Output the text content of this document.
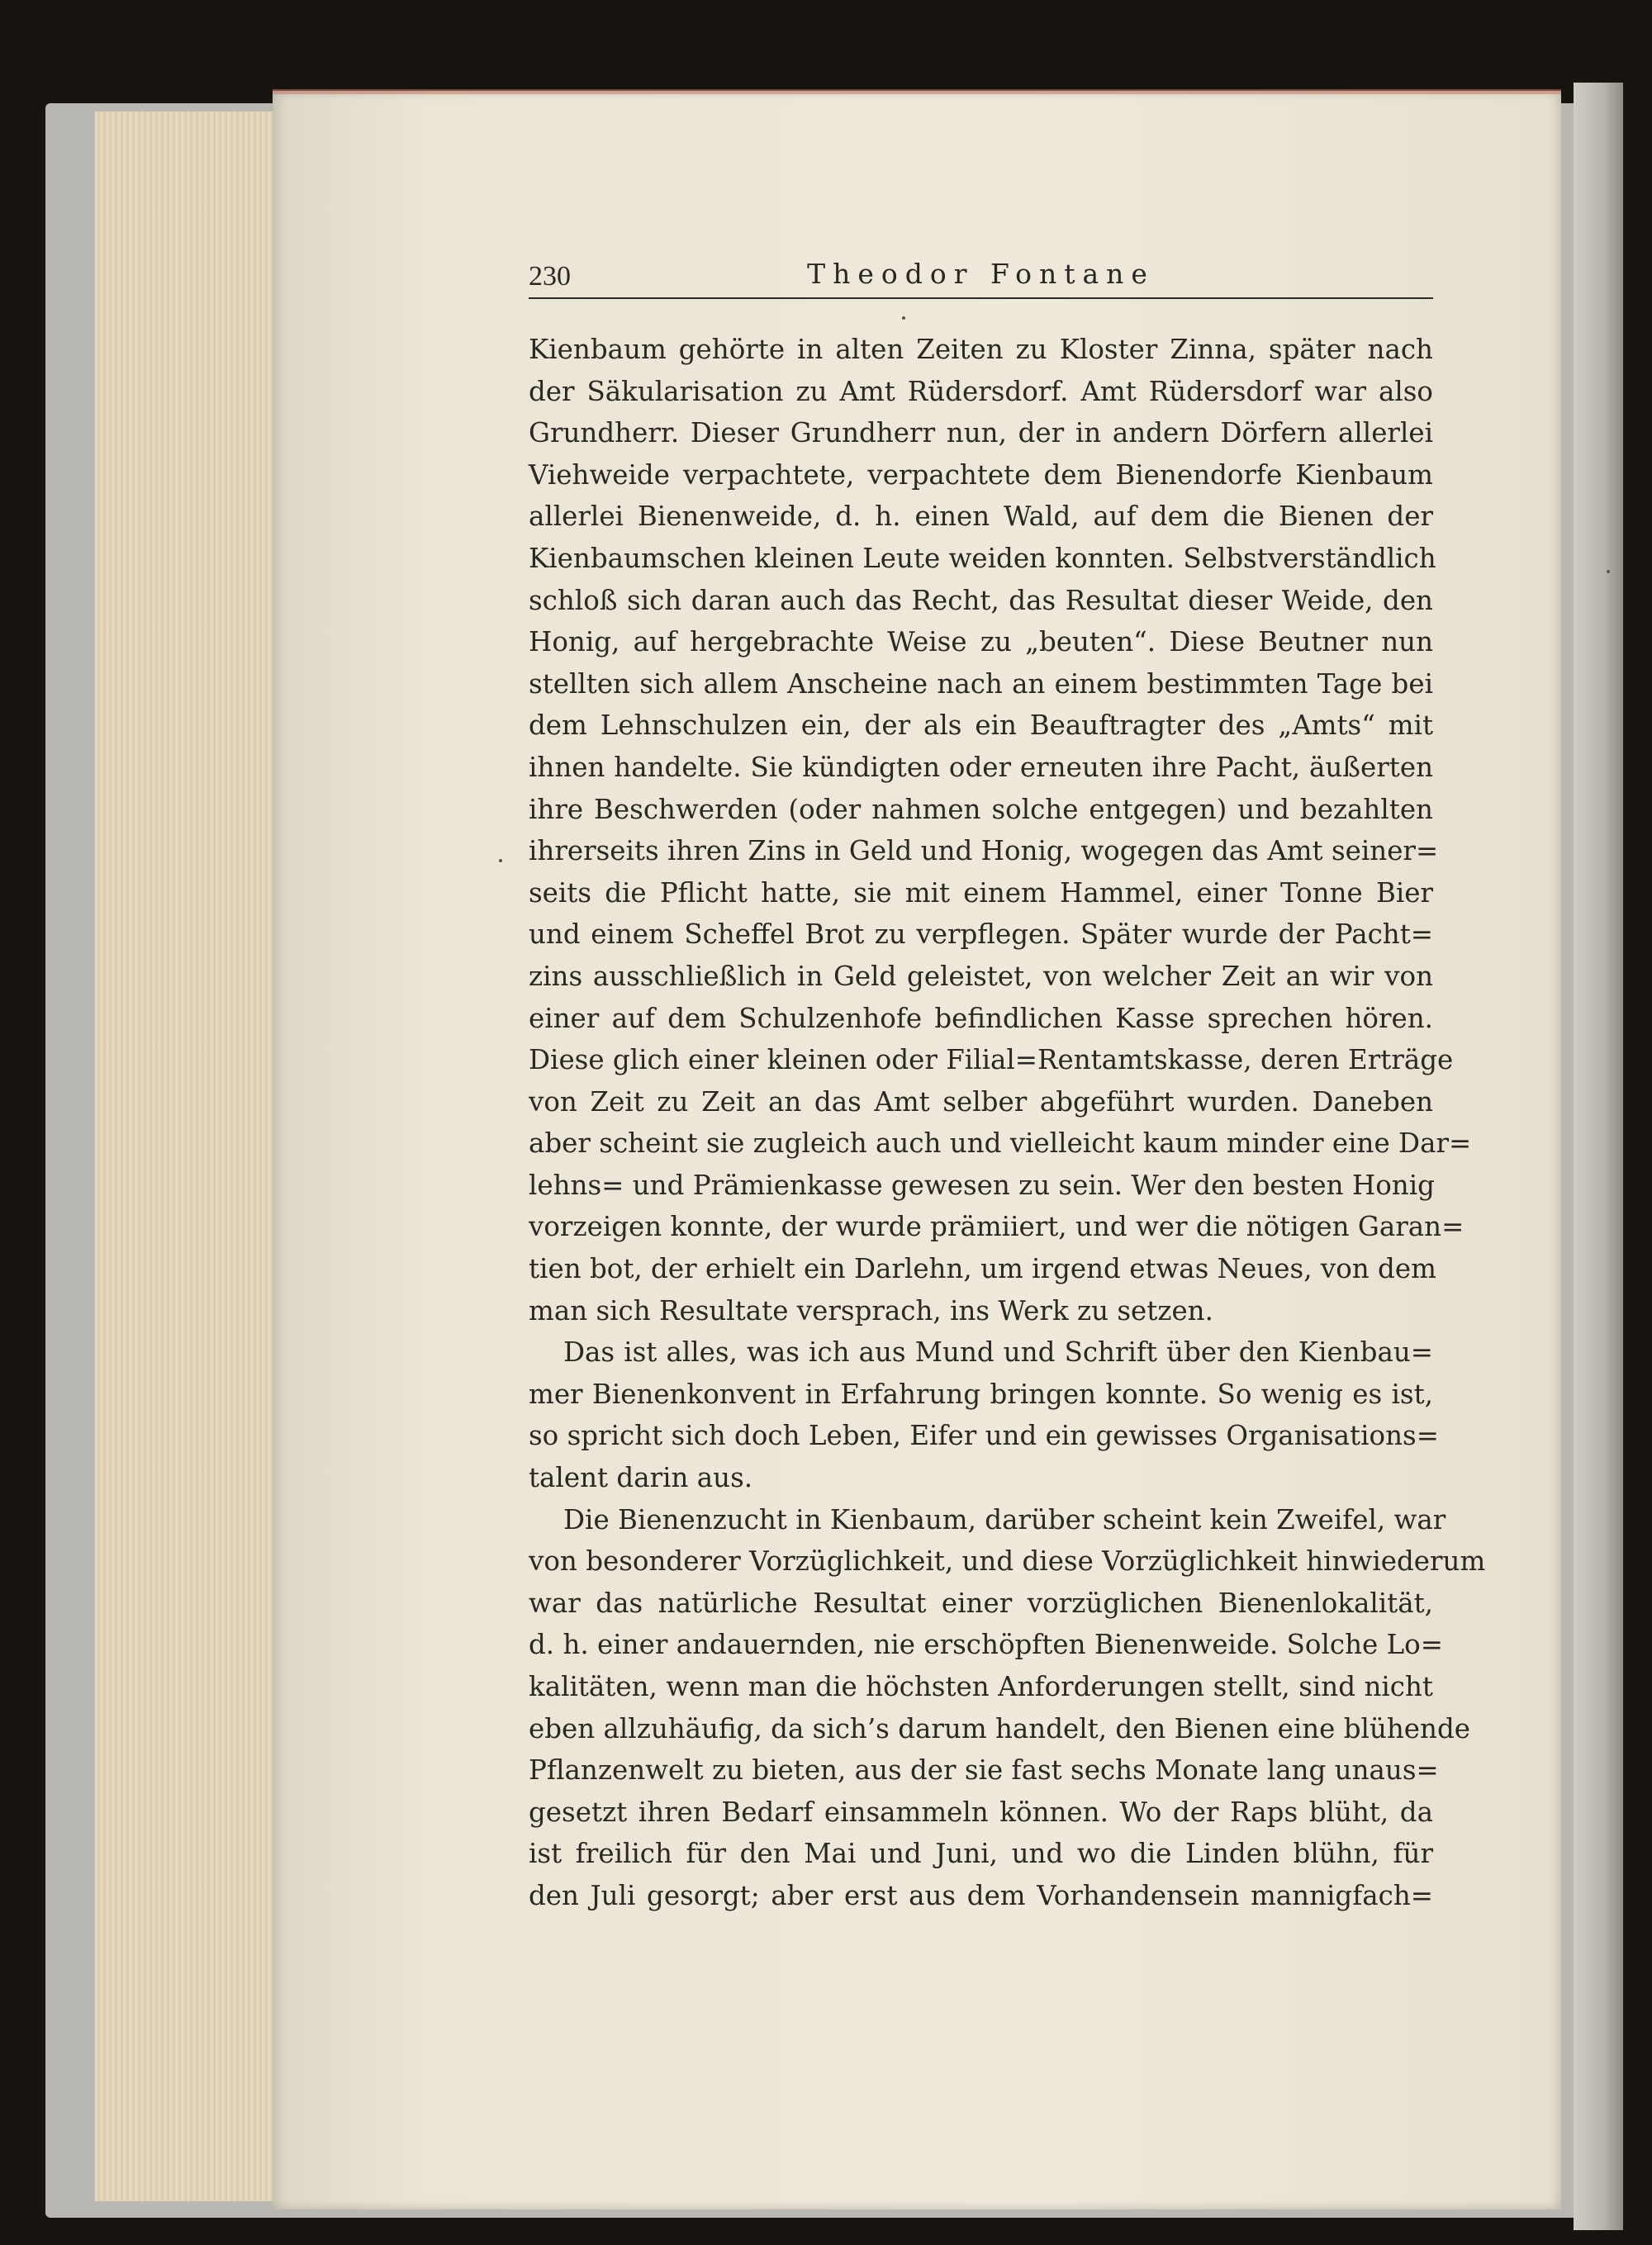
230	Theodor Fontane
Kienbaum gehörte in alten Zeiten zu Kloster Zinna, später nach
der Säkularisation zu Amt Rüdersdorf. Amt Rüdersdorf war also
Grundherr. Dieser Grundherr nun, der in andern Dörfern allerlei
Viehweide verpachtete, verpachtete dem Bienendorfe Kienbaum
allerlei Bienenweide, d. h. einen Wald, auf dem die Bienen der
Kienbaumschen kleinen Leute weiden konnten. Selbstverständlich
schloß sich daran auch das Recht, das Resultat dieser Weide, den
Honig, auf hergebrachte Weise zu „beuten“. Diese Beutner nun
stellten sich allem Anscheine nach an einem bestimmten Tage bei
dem Lehnschulzen ein, der als ein Beauftragter des „Amts“ mit
ihnen handelte. Sie kündigten oder erneuten ihre Pacht, äußerten
ihre Beschwerden (oder nahmen solche entgegen) und bezahlten
ihrerseits ihren Zins in Geld und Honig, wogegen das Amt seiner=
seits die Pflicht hatte, sie mit einem Hammel, einer Tonne Bier
und einem Scheffel Brot zu verpflegen. Später wurde der Pacht=
zins ausschließlich in Geld geleistet, von welcher Zeit an wir von
einer auf dem Schulzenhofe befindlichen Kasse sprechen hören.
Diese glich einer kleinen oder Filial=Rentamtskasse, deren Erträge
von Zeit zu Zeit an das Amt selber abgeführt wurden. Daneben
aber scheint sie zugleich auch und vielleicht kaum minder eine Dar=
lehns= und Prämienkasse gewesen zu sein. Wer den besten Honig
vorzeigen konnte, der wurde prämiiert, und wer die nötigen Garan=
tien bot, der erhielt ein Darlehn, um irgend etwas Neues, von dem
man sich Resultate versprach, ins Werk zu setzen.
Das ist alles, was ich aus Mund und Schrift über den Kienbau=
mer Bienenkonvent in Erfahrung bringen konnte. So wenig es ist,
so spricht sich doch Leben, Eifer und ein gewisses Organisations=
talent darin aus.
Die Bienenzucht in Kienbaum, darüber scheint kein Zweifel, war
von besonderer Vorzüglichkeit, und diese Vorzüglichkeit hinwiederum
war das natürliche Resultat einer vorzüglichen Bienenlokalität,
d. h. einer andauernden, nie erschöpften Bienenweide. Solche Lo=
kalitäten, wenn man die höchsten Anforderungen stellt, sind nicht
eben allzuhäufig, da sich’s darum handelt, den Bienen eine blühende
Pflanzenwelt zu bieten, aus der sie fast sechs Monate lang unaus=
gesetzt ihren Bedarf einsammeln können. Wo der Raps blüht, da
ist freilich für den Mai und Juni, und wo die Linden blühn, für
den Juli gesorgt; aber erst aus dem Vorhandensein mannigfach=
